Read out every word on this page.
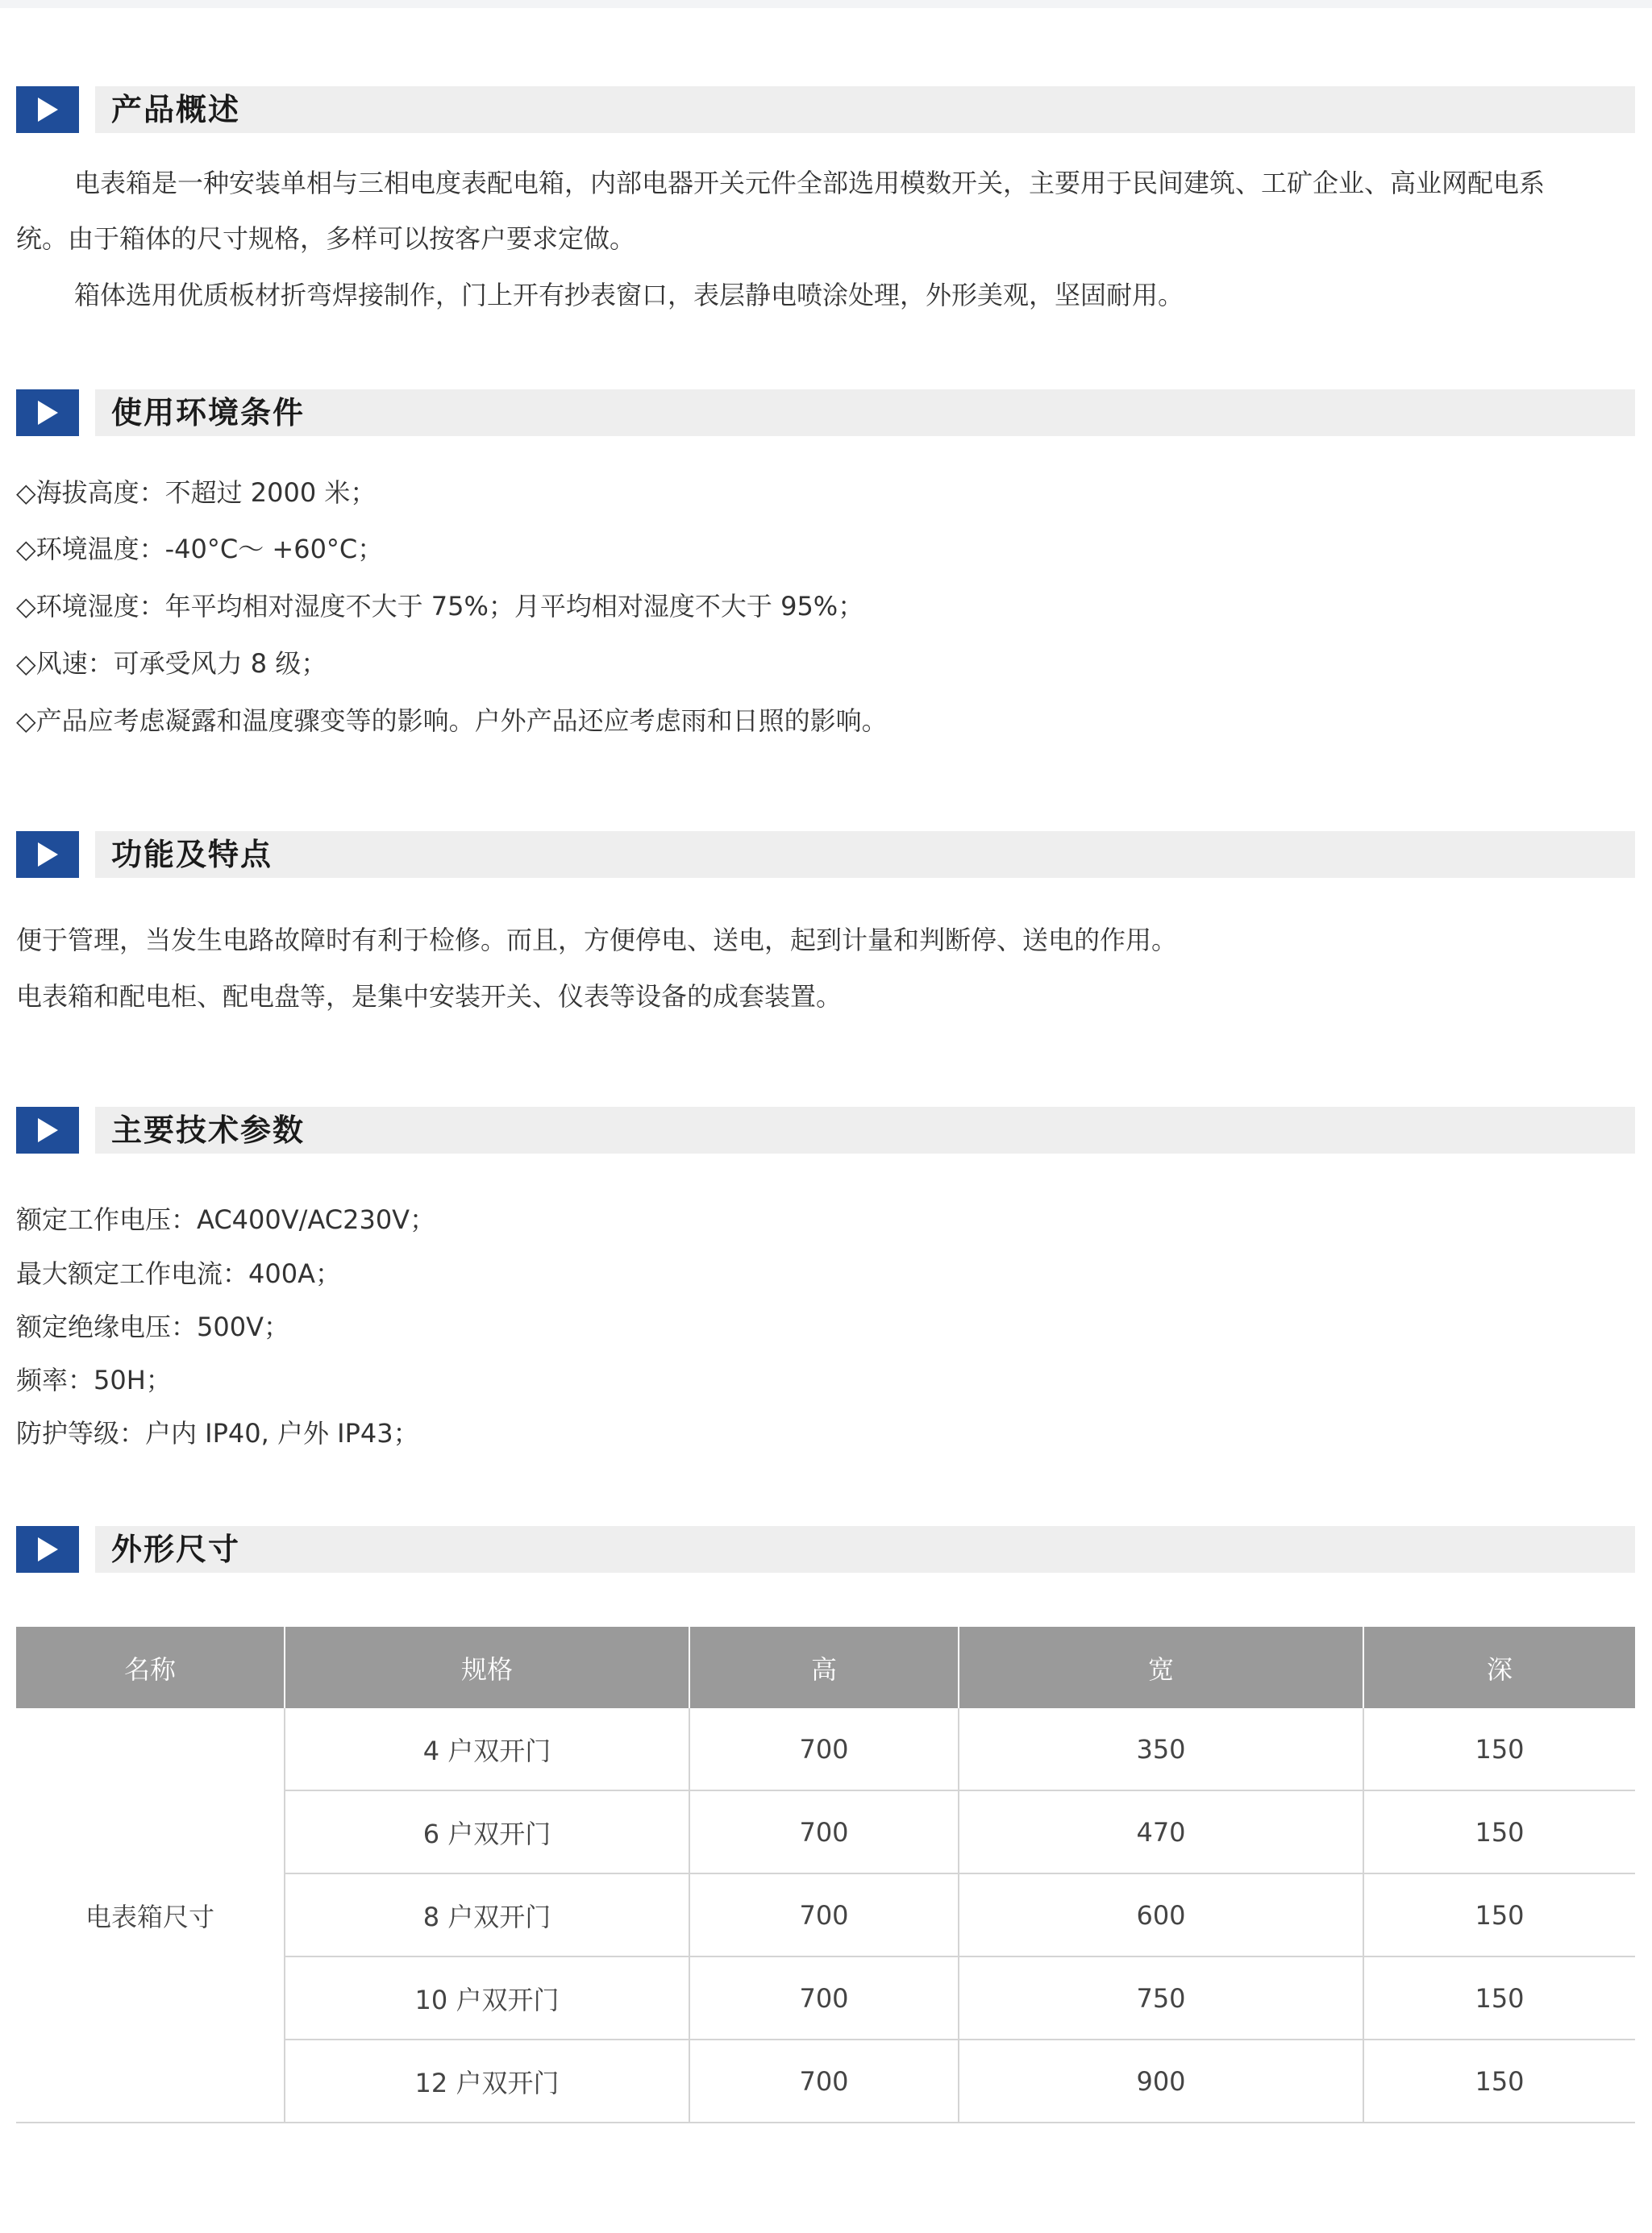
产品概述
电表箱是一种安装单相与三相电度表配电箱，内部电器开关元件全部选用模数开关，主要用于民间建筑、工矿企业、高业网配电系
统。由于箱体的尺寸规格，多样可以按客户要求定做。
箱体选用优质板材折弯焊接制作，门上开有抄表窗口，表层静电喷涂处理，外形美观，坚固耐用。
使用环境条件
◇海拔高度：不超过 2000 米；
◇环境温度：-40°C～ +60°C；
◇环境湿度：年平均相对湿度不大于 75%；月平均相对湿度不大于 95%；
◇风速：可承受风力 8 级；
◇产品应考虑凝露和温度骤变等的影响。户外产品还应考虑雨和日照的影响。
功能及特点
便于管理，当发生电路故障时有利于检修。而且，方便停电、送电，起到计量和判断停、送电的作用。
电表箱和配电柜、配电盘等，是集中安装开关、仪表等设备的成套装置。
主要技术参数
额定工作电压：AC400V/AC230V；
最大额定工作电流：400A；
额定绝缘电压：500V；
频率：50H；
防护等级：户内 IP40, 户外 IP43；
外形尺寸
名称	规格	高	宽	深
电表箱尺寸	4 户双开门	700	350	150
	6 户双开门	700	470	150
	8 户双开门	700	600	150
	10 户双开门	700	750	150
	12 户双开门	700	900	150
